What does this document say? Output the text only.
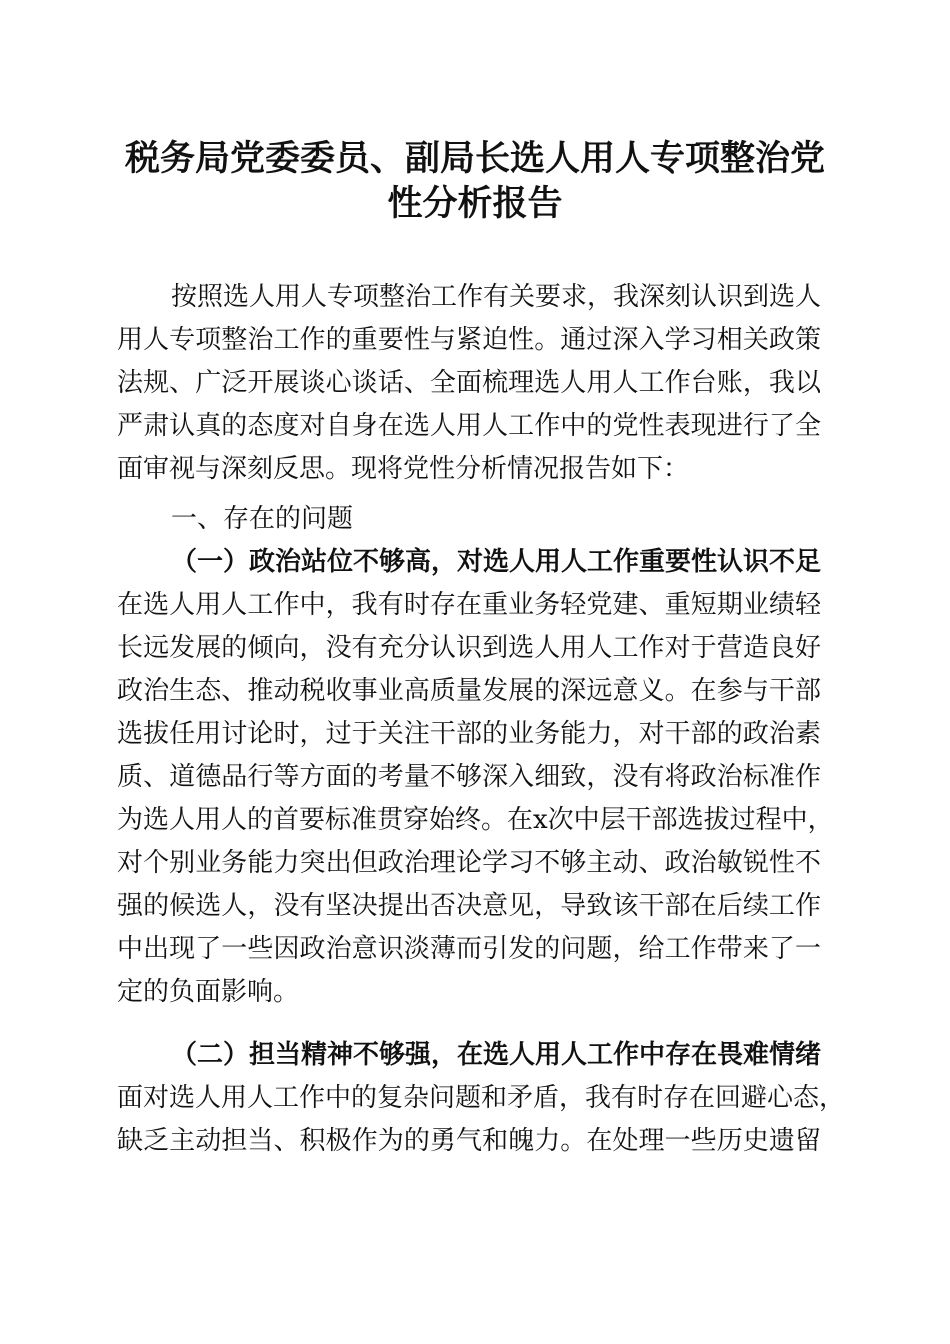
税务局党委委员、副局长选人用人专项整治党
性分析报告
按照选人用人专项整治工作有关要求，我深刻认识到选人
用人专项整治工作的重要性与紧迫性。通过深入学习相关政策
法规、广泛开展谈心谈话、全面梳理选人用人工作台账，我以
严肃认真的态度对自身在选人用人工作中的党性表现进行了全
面审视与深刻反思。现将党性分析情况报告如下：
一、存在的问题
（一）政治站位不够高，对选人用人工作重要性认识不足
在选人用人工作中，我有时存在重业务轻党建、重短期业绩轻
长远发展的倾向，没有充分认识到选人用人工作对于营造良好
政治生态、推动税收事业高质量发展的深远意义。在参与干部
选拔任用讨论时，过于关注干部的业务能力，对干部的政治素
质、道德品行等方面的考量不够深入细致，没有将政治标准作
为选人用人的首要标准贯穿始终。在x次中层干部选拔过程中，
对个别业务能力突出但政治理论学习不够主动、政治敏锐性不
强的候选人，没有坚决提出否决意见，导致该干部在后续工作
中出现了一些因政治意识淡薄而引发的问题，给工作带来了一
定的负面影响。
（二）担当精神不够强，在选人用人工作中存在畏难情绪
面对选人用人工作中的复杂问题和矛盾，我有时存在回避心态，
缺乏主动担当、积极作为的勇气和魄力。在处理一些历史遗留
